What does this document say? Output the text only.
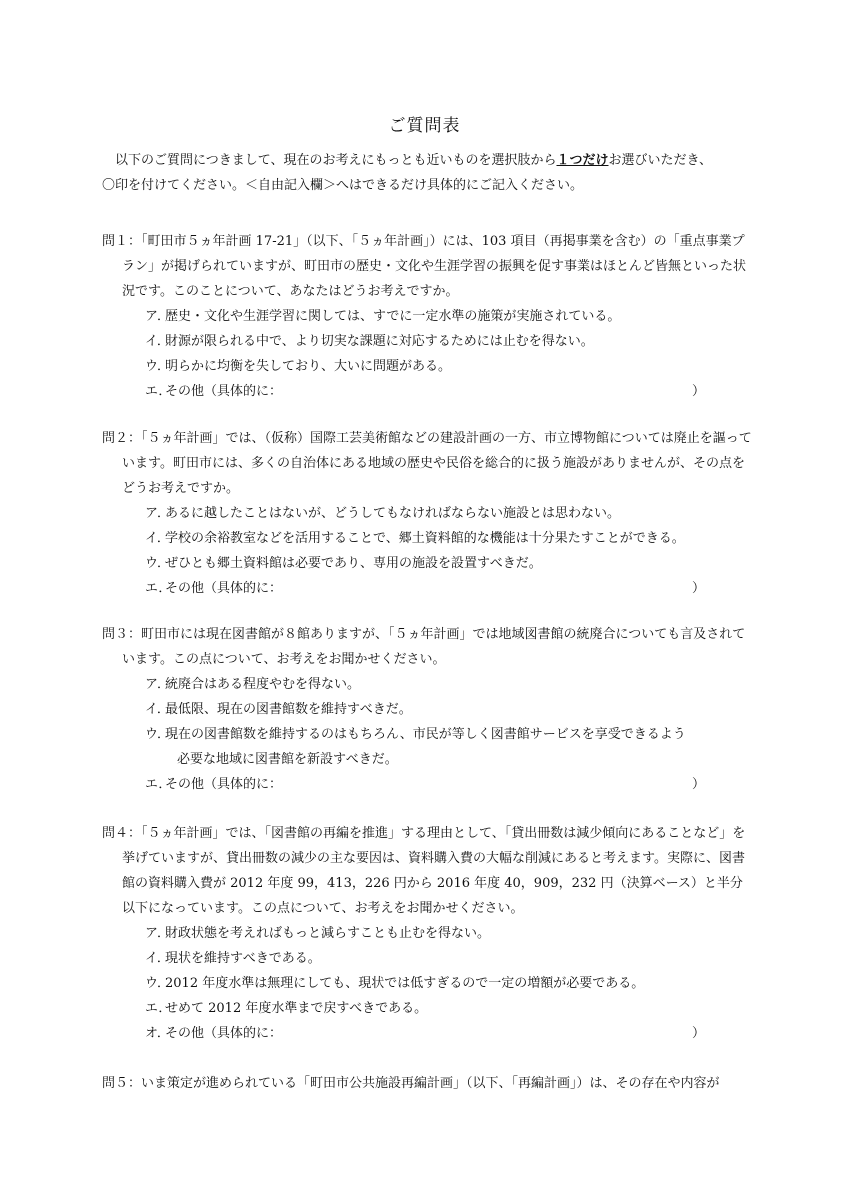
ご質問表

以下のご質問につきまして、現在のお考えにもっとも近いものを選択肢から１つだけお選びいただき、

〇印を付けてください。＜自由記入欄＞へはできるだけ具体的にご記入ください。

問１：「町田市５ヵ年計画 17-21」（以下、「５ヵ年計画」）には、103 項目（再掲事業を含む）の「重点事業プラン」が掲げられていますが、町田市の歴史・文化や生涯学習の振興を促す事業はほとんど皆無といった状況です。このことについて、あなたはどうお考えですか。

ア．
歴史・文化や生涯学習に関しては、すでに一定水準の施策が実施されている。
イ．
財源が限られる中で、より切実な課題に対応するためには止むを得ない。
ウ．
明らかに均衡を失しており、大いに問題がある。
エ．
その他（具体的に：	）

問２：「５ヵ年計画」では、（仮称）国際工芸美術館などの建設計画の一方、市立博物館については廃止を謳っています。町田市には、多くの自治体にある地域の歴史や民俗を総合的に扱う施設がありませんが、その点をどうお考えですか。

ア．
あるに越したことはないが、どうしてもなければならない施設とは思わない。
イ．
学校の余裕教室などを活用することで、郷土資料館的な機能は十分果たすことができる。
ウ．
ぜひとも郷土資料館は必要であり、専用の施設を設置すべきだ。
エ．
その他（具体的に：	）

問３：町田市には現在図書館が８館ありますが、「５ヵ年計画」では地域図書館の統廃合についても言及されています。この点について、お考えをお聞かせください。

ア．
統廃合はある程度やむを得ない。
イ．
最低限、現在の図書館数を維持すべきだ。
ウ．
現在の図書館数を維持するのはもちろん、市民が等しく図書館サービスを享受できるよう
必要な地域に図書館を新設すべきだ。
エ．
その他（具体的に：	）

問４：「５ヵ年計画」では、「図書館の再編を推進」する理由として、「貸出冊数は減少傾向にあることなど」を挙げていますが、貸出冊数の減少の主な要因は、資料購入費の大幅な削減にあると考えます。実際に、図書館の資料購入費が 2012 年度 99，413，226 円から 2016 年度 40，909，232 円（決算ベース）と半分以下になっています。この点について、お考えをお聞かせください。

ア．
財政状態を考えればもっと減らすことも止むを得ない。
イ．
現状を維持すべきである。
ウ．
2012 年度水準は無理にしても、現状では低すぎるので一定の増額が必要である。
エ．
せめて 2012 年度水準まで戻すべきである。
オ．
その他（具体的に：	）

問５：いま策定が進められている「町田市公共施設再編計画」（以下、「再編計画」）は、その存在や内容が
